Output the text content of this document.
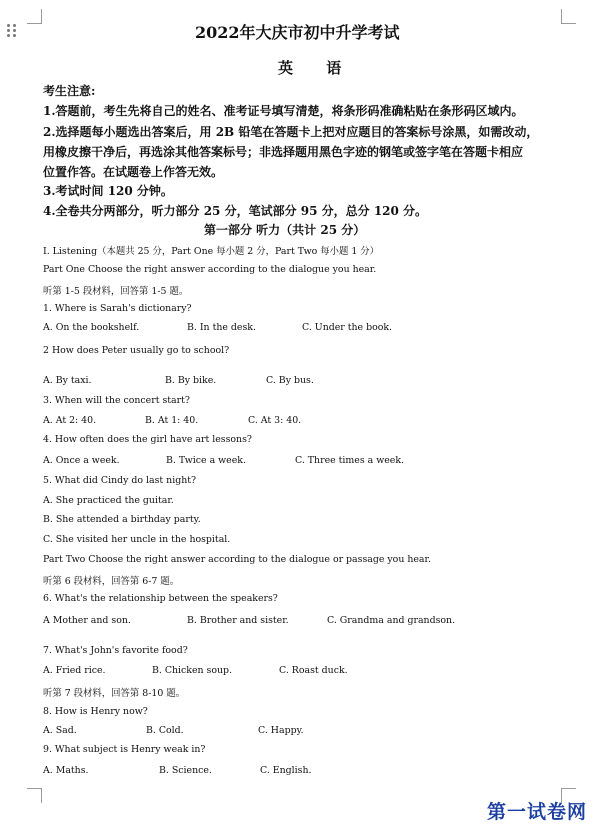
2022年大庆市初中升学考试
英 语
考生注意:
1.答题前，考生先将自己的姓名、准考证号填写清楚，将条形码准确粘贴在条形码区域内。
2.选择题每小题选出答案后，用 2B 铅笔在答题卡上把对应题目的答案标号涂黑，如需改动，
用橡皮擦干净后，再选涂其他答案标号；非选择题用黑色字迹的钢笔或签字笔在答题卡相应
位置作答。在试题卷上作答无效。
3.考试时间 120 分钟。
4.全卷共分两部分，听力部分 25 分，笔试部分 95 分，总分 120 分。
第一部分 听力（共计 25 分）
I. Listening（本题共 25 分，Part One 每小题 2 分，Part Two 每小题 1 分）
Part One Choose the right answer according to the dialogue you hear.
听第 1-5 段材料，回答第 1-5 题。
1. Where is Sarah's dictionary?
A. On the bookshelf.	B. In the desk.	C. Under the book.
2 How does Peter usually go to school?
A. By taxi.	B. By bike.	C. By bus.
3. When will the concert start?
A. At 2: 40.	B. At 1: 40.	C. At 3: 40.
4. How often does the girl have art lessons?
A. Once a week.	B. Twice a week.	C. Three times a week.
5. What did Cindy do last night?
A. She practiced the guitar.
B. She attended a birthday party.
C. She visited her uncle in the hospital.
Part Two Choose the right answer according to the dialogue or passage you hear.
听第 6 段材料，回答第 6-7 题。
6. What's the relationship between the speakers?
A Mother and son.	B. Brother and sister.	C. Grandma and grandson.
7. What's John's favorite food?
A. Fried rice.	B. Chicken soup.	C. Roast duck.
听第 7 段材料，回答第 8-10 题。
8. How is Henry now?
A. Sad.	B. Cold.	C. Happy.
9. What subject is Henry weak in?
A. Maths.	B. Science.	C. English.
第一试卷网
